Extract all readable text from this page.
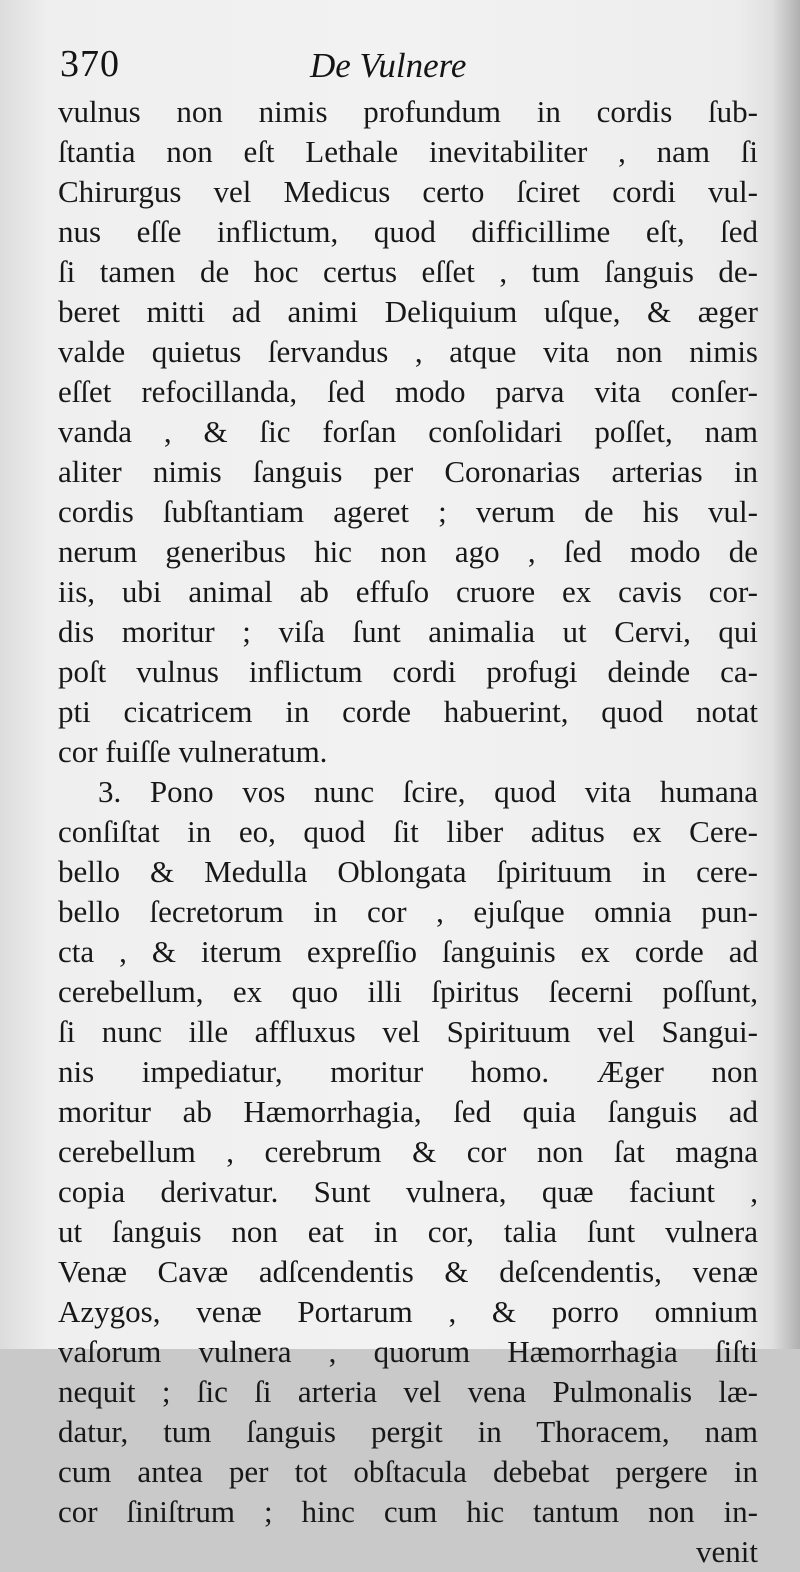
370	De Vulnere
vulnus non nimis profundum in cordis ſub-
ſtantia non eſt Lethale inevitabiliter , nam ſi
Chirurgus vel Medicus certo ſciret cordi vul-
nus eſſe inflictum, quod difficillime eſt, ſed
ſi tamen de hoc certus eſſet , tum ſanguis de-
beret mitti ad animi Deliquium uſque, & æger
valde quietus ſervandus , atque vita non nimis
eſſet refocillanda, ſed modo parva vita conſer-
vanda , & ſic forſan conſolidari poſſet, nam
aliter nimis ſanguis per Coronarias arterias in
cordis ſubſtantiam ageret ; verum de his vul-
nerum generibus hic non ago , ſed modo de
iis, ubi animal ab effuſo cruore ex cavis cor-
dis moritur ; viſa ſunt animalia ut Cervi, qui
poſt vulnus inflictum cordi profugi deinde ca-
pti cicatricem in corde habuerint, quod notat
cor fuiſſe vulneratum.
3. Pono vos nunc ſcire, quod vita humana
conſiſtat in eo, quod ſit liber aditus ex Cere-
bello & Medulla Oblongata ſpirituum in cere-
bello ſecretorum in cor , ejuſque omnia pun-
cta , & iterum expreſſio ſanguinis ex corde ad
cerebellum, ex quo illi ſpiritus ſecerni poſſunt,
ſi nunc ille affluxus vel Spirituum vel Sangui-
nis impediatur, moritur homo. Æger non
moritur ab Hæmorrhagia, ſed quia ſanguis ad
cerebellum , cerebrum & cor non ſat magna
copia derivatur. Sunt vulnera, quæ faciunt ,
ut ſanguis non eat in cor, talia ſunt vulnera
Venæ Cavæ adſcendentis & deſcendentis, venæ
Azygos, venæ Portarum , & porro omnium
vaſorum vulnera , quorum Hæmorrhagia ſiſti
nequit ; ſic ſi arteria vel vena Pulmonalis læ-
datur, tum ſanguis pergit in Thoracem, nam
cum antea per tot obſtacula debebat pergere in
cor ſiniſtrum ; hinc cum hic tantum non in-
venit
